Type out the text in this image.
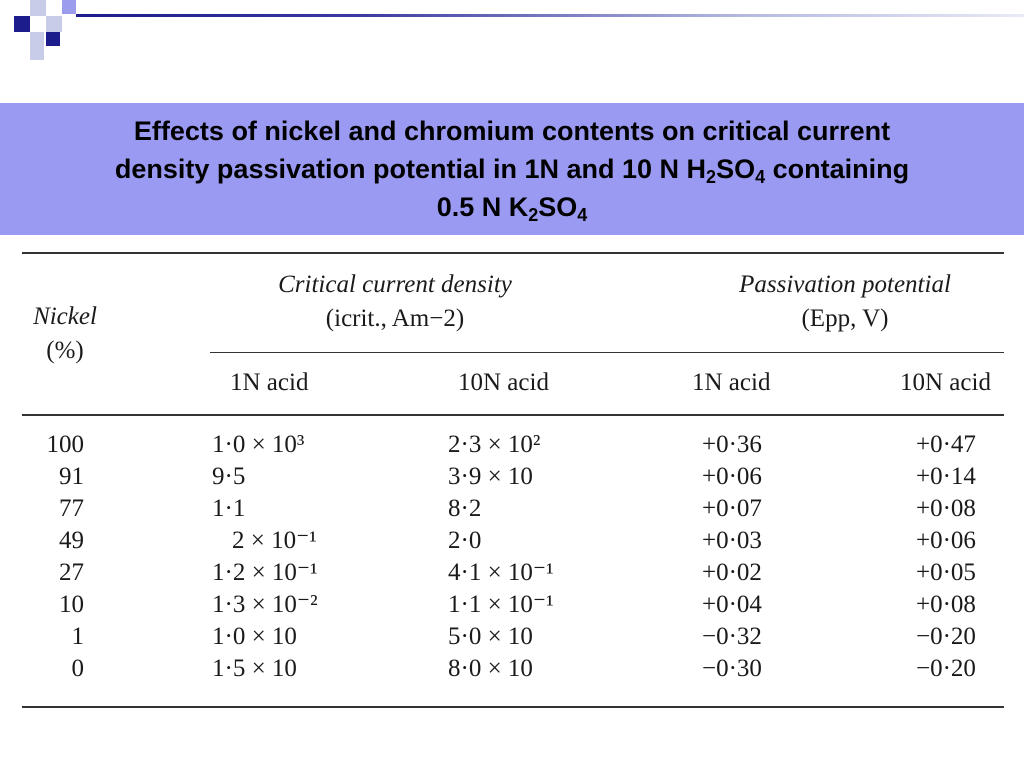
Effects of nickel and chromium contents on critical current
density passivation potential in 1N and 10 N $H_2SO_4$ containing
0.5 N $K_2SO_4$
Nickel
(%)
Critical current density
(icrit., Am−2)
Passivation potential
(Epp, V)
1N acid	10N acid	1N acid	10N acid
100	1·0 × 10³	2·3 × 10²	+0·36	+0·47
91	9·5	3·9 × 10	+0·06	+0·14
77	1·1	8·2	+0·07	+0·08
49	2 × 10⁻¹	2·0	+0·03	+0·06
27	1·2 × 10⁻¹	4·1 × 10⁻¹	+0·02	+0·05
10	1·3 × 10⁻²	1·1 × 10⁻¹	+0·04	+0·08
1	1·0 × 10	5·0 × 10	−0·32	−0·20
0	1·5 × 10	8·0 × 10	−0·30	−0·20
